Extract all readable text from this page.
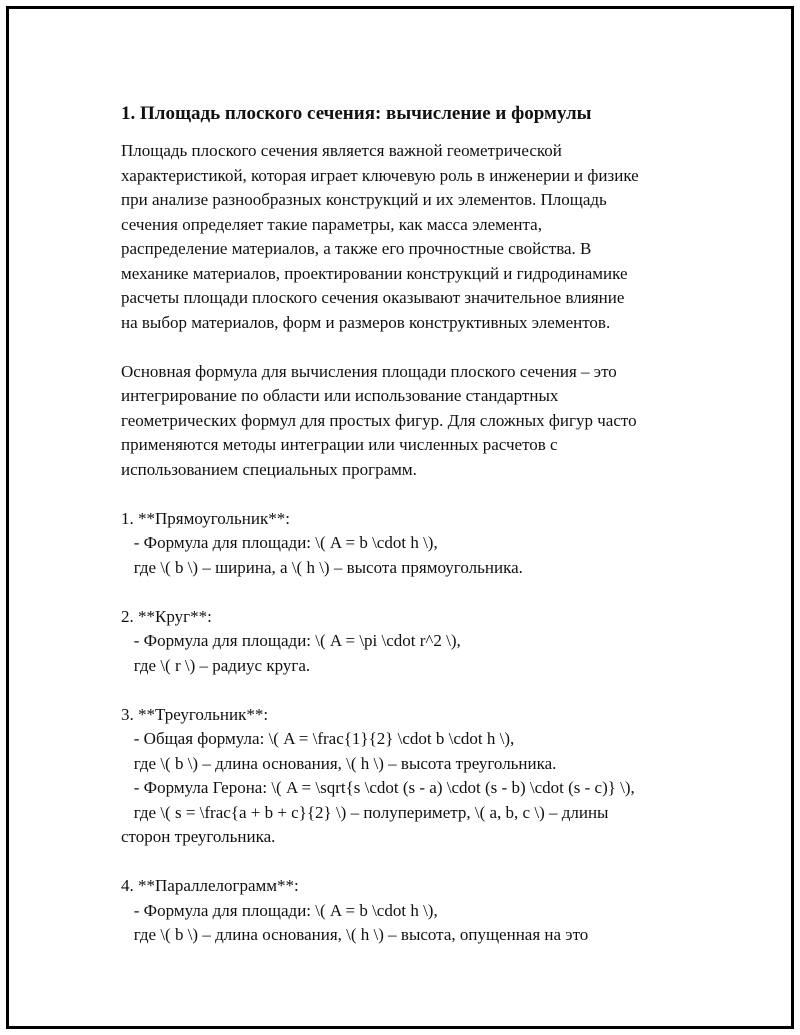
1. Площадь плоского сечения: вычисление и формулы

Площадь плоского сечения является важной геометрической
характеристикой, которая играет ключевую роль в инженерии и физике
при анализе разнообразных конструкций и их элементов. Площадь
сечения определяет такие параметры, как масса элемента,
распределение материалов, а также его прочностные свойства. В
механике материалов, проектировании конструкций и гидродинамике
расчеты площади плоского сечения оказывают значительное влияние
на выбор материалов, форм и размеров конструктивных элементов.

Основная формула для вычисления площади плоского сечения – это
интегрирование по области или использование стандартных
геометрических формул для простых фигур. Для сложных фигур часто
применяются методы интеграции или численных расчетов с
использованием специальных программ.

1. **Прямоугольник**:

- Формула для площади: \( A = b \cdot h \),

где \( b \) – ширина, а \( h \) – высота прямоугольника.

2. **Круг**:

- Формула для площади: \( A = \pi \cdot r^2 \),

где \( r \) – радиус круга.

3. **Треугольник**:

- Общая формула: \( A = \frac{1}{2} \cdot b \cdot h \),

где \( b \) – длина основания, \( h \) – высота треугольника.

- Формула Герона: \( A = \sqrt{s \cdot (s - a) \cdot (s - b) \cdot (s - c)} \),

где \( s = \frac{a + b + c}{2} \) – полупериметр, \( a, b, c \) – длины

сторон треугольника.

4. **Параллелограмм**:

- Формула для площади: \( A = b \cdot h \),

где \( b \) – длина основания, \( h \) – высота, опущенная на это
